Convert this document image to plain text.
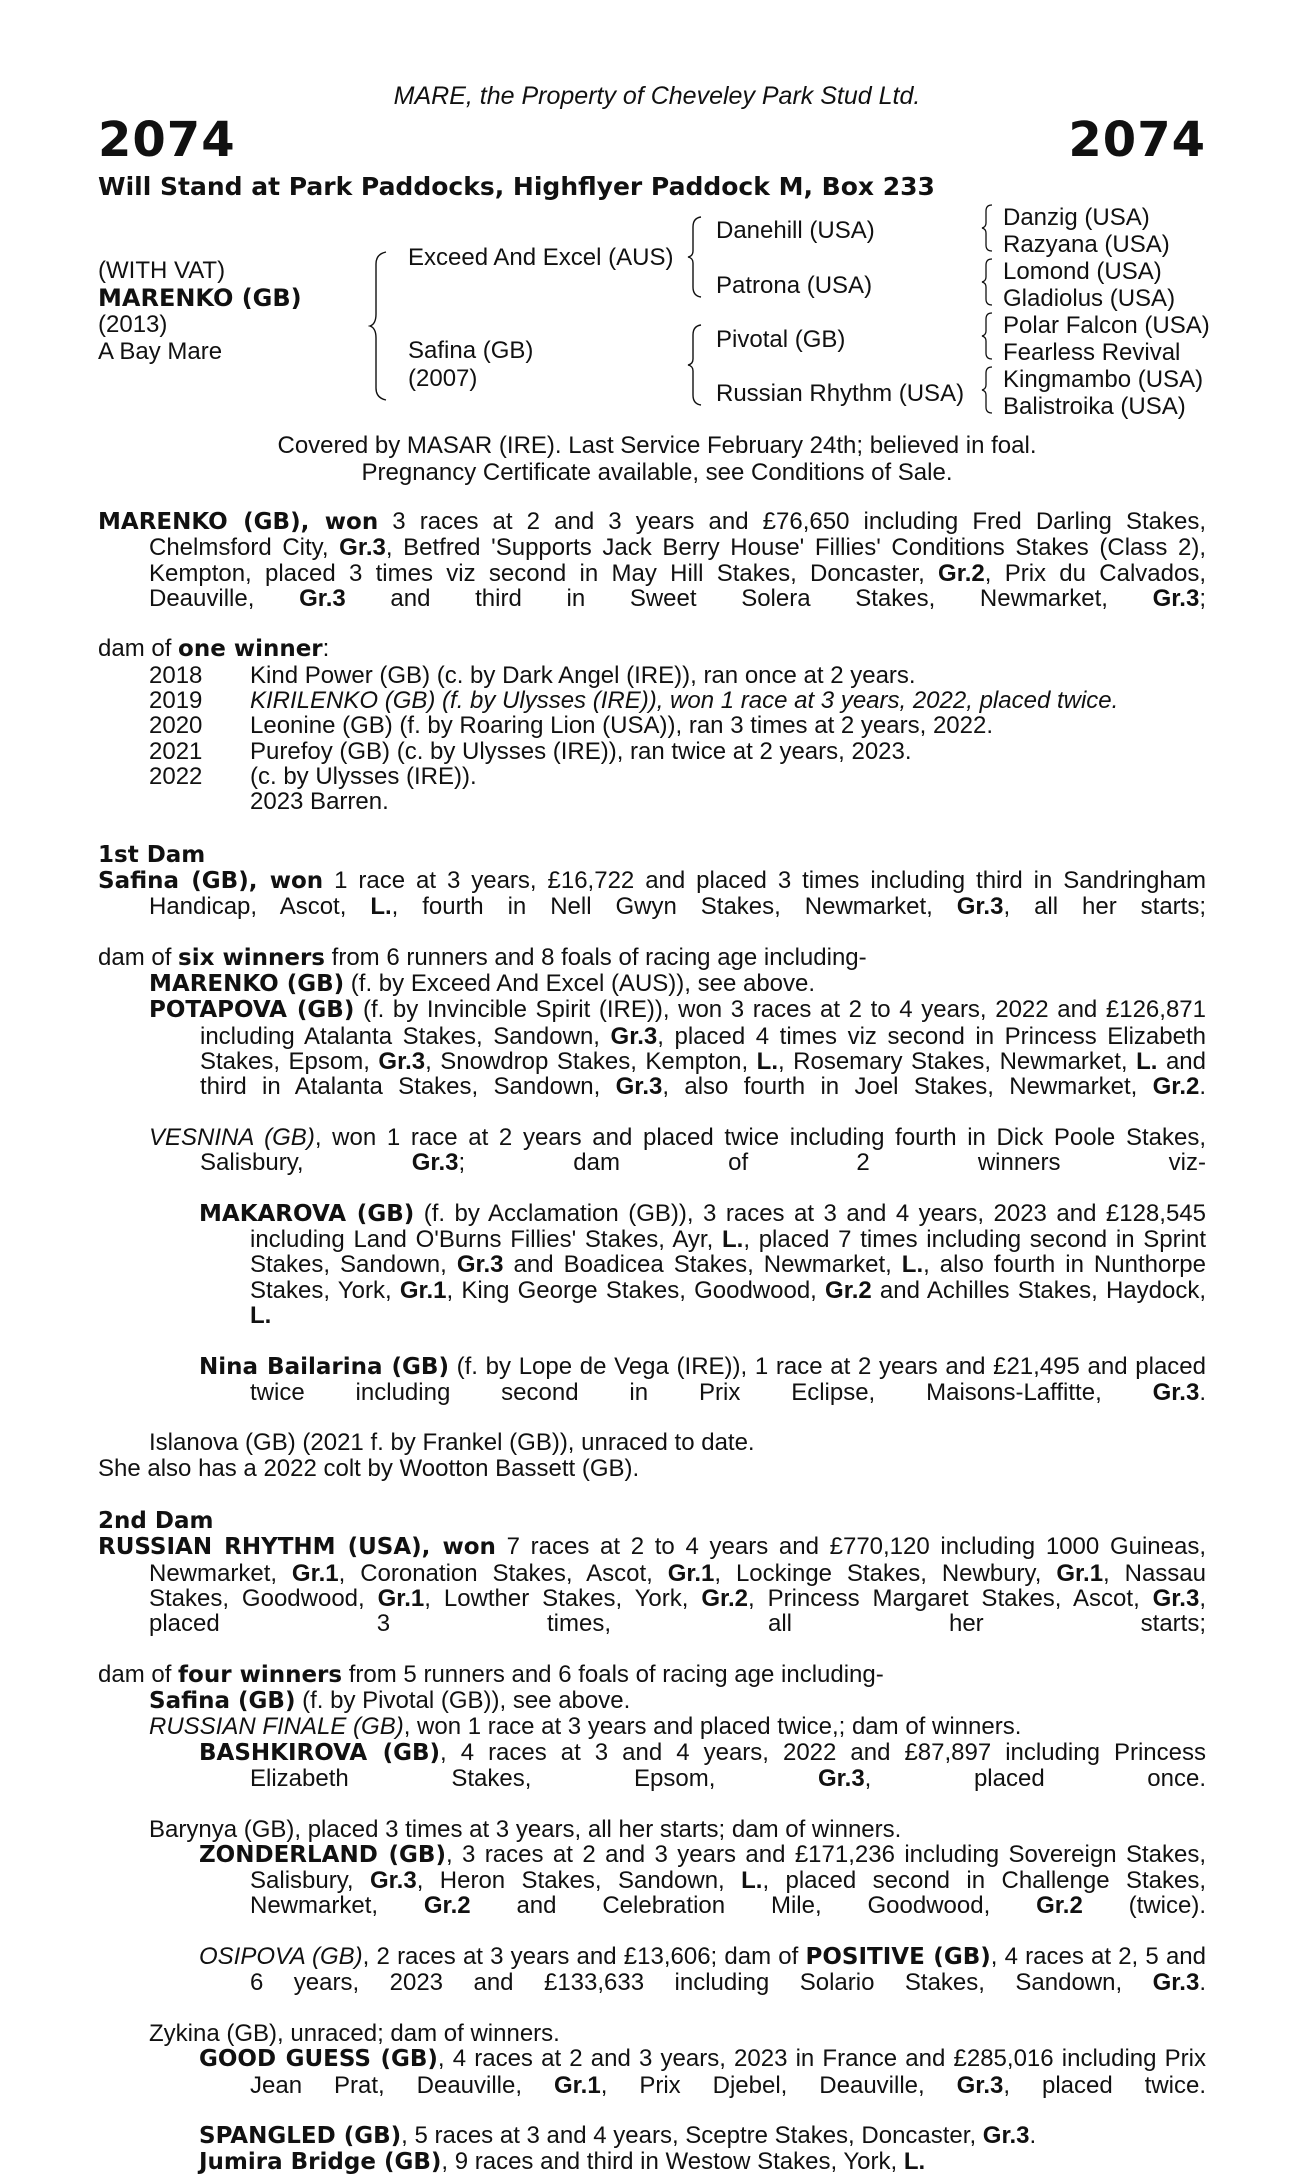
MARE, the Property of Cheveley Park Stud Ltd.
2074	2074
Will Stand at Park Paddocks, Highflyer Paddock M, Box 233
(WITH VAT)
MARENKO (GB)
(2013)
A Bay Mare
Exceed And Excel (AUS)
Safina (GB)
(2007)
Danehill (USA)
Patrona (USA)
Pivotal (GB)
Russian Rhythm (USA)
Danzig (USA)
Razyana (USA)
Lomond (USA)
Gladiolus (USA)
Polar Falcon (USA)
Fearless Revival
Kingmambo (USA)
Balistroika (USA)
Covered by MASAR (IRE). Last Service February 24th; believed in foal.
Pregnancy Certificate available, see Conditions of Sale.
MARENKO (GB), won 3 races at 2 and 3 years and £76,650 including Fred Darling Stakes, Chelmsford City, Gr.3, Betfred 'Supports Jack Berry House' Fillies' Conditions Stakes (Class 2), Kempton, placed 3 times viz second in May Hill Stakes, Doncaster, Gr.2, Prix du Calvados, Deauville, Gr.3 and third in Sweet Solera Stakes, Newmarket, Gr.3;
dam of one winner:
2018	Kind Power (GB) (c. by Dark Angel (IRE)), ran once at 2 years.
2019	KIRILENKO (GB) (f. by Ulysses (IRE)), won 1 race at 3 years, 2022, placed twice.
2020	Leonine (GB) (f. by Roaring Lion (USA)), ran 3 times at 2 years, 2022.
2021	Purefoy (GB) (c. by Ulysses (IRE)), ran twice at 2 years, 2023.
2022	(c. by Ulysses (IRE)).
2023 Barren.
1st Dam
Safina (GB), won 1 race at 3 years, £16,722 and placed 3 times including third in Sandringham Handicap, Ascot, L., fourth in Nell Gwyn Stakes, Newmarket, Gr.3, all her starts;
dam of six winners from 6 runners and 8 foals of racing age including-
MARENKO (GB) (f. by Exceed And Excel (AUS)), see above.
POTAPOVA (GB) (f. by Invincible Spirit (IRE)), won 3 races at 2 to 4 years, 2022 and £126,871 including Atalanta Stakes, Sandown, Gr.3, placed 4 times viz second in Princess Elizabeth Stakes, Epsom, Gr.3, Snowdrop Stakes, Kempton, L., Rosemary Stakes, Newmarket, L. and third in Atalanta Stakes, Sandown, Gr.3, also fourth in Joel Stakes, Newmarket, Gr.2.
VESNINA (GB), won 1 race at 2 years and placed twice including fourth in Dick Poole Stakes, Salisbury, Gr.3; dam of 2 winners viz-
MAKAROVA (GB) (f. by Acclamation (GB)), 3 races at 3 and 4 years, 2023 and £128,545 including Land O'Burns Fillies' Stakes, Ayr, L., placed 7 times including second in Sprint Stakes, Sandown, Gr.3 and Boadicea Stakes, Newmarket, L., also fourth in Nunthorpe Stakes, York, Gr.1, King George Stakes, Goodwood, Gr.2 and Achilles Stakes, Haydock, L.
Nina Bailarina (GB) (f. by Lope de Vega (IRE)), 1 race at 2 years and £21,495 and placed twice including second in Prix Eclipse, Maisons-Laffitte, Gr.3.
Islanova (GB) (2021 f. by Frankel (GB)), unraced to date.
She also has a 2022 colt by Wootton Bassett (GB).
2nd Dam
RUSSIAN RHYTHM (USA), won 7 races at 2 to 4 years and £770,120 including 1000 Guineas, Newmarket, Gr.1, Coronation Stakes, Ascot, Gr.1, Lockinge Stakes, Newbury, Gr.1, Nassau Stakes, Goodwood, Gr.1, Lowther Stakes, York, Gr.2, Princess Margaret Stakes, Ascot, Gr.3, placed 3 times, all her starts;
dam of four winners from 5 runners and 6 foals of racing age including-
Safina (GB) (f. by Pivotal (GB)), see above.
RUSSIAN FINALE (GB), won 1 race at 3 years and placed twice,; dam of winners.
BASHKIROVA (GB), 4 races at 3 and 4 years, 2022 and £87,897 including Princess Elizabeth Stakes, Epsom, Gr.3, placed once.
Barynya (GB), placed 3 times at 3 years, all her starts; dam of winners.
ZONDERLAND (GB), 3 races at 2 and 3 years and £171,236 including Sovereign Stakes, Salisbury, Gr.3, Heron Stakes, Sandown, L., placed second in Challenge Stakes, Newmarket, Gr.2 and Celebration Mile, Goodwood, Gr.2 (twice).
OSIPOVA (GB), 2 races at 3 years and £13,606; dam of POSITIVE (GB), 4 races at 2, 5 and 6 years, 2023 and £133,633 including Solario Stakes, Sandown, Gr.3.
Zykina (GB), unraced; dam of winners.
GOOD GUESS (GB), 4 races at 2 and 3 years, 2023 in France and £285,016 including Prix Jean Prat, Deauville, Gr.1, Prix Djebel, Deauville, Gr.3, placed twice.
SPANGLED (GB), 5 races at 3 and 4 years, Sceptre Stakes, Doncaster, Gr.3.
Jumira Bridge (GB), 9 races and third in Westow Stakes, York, L.
